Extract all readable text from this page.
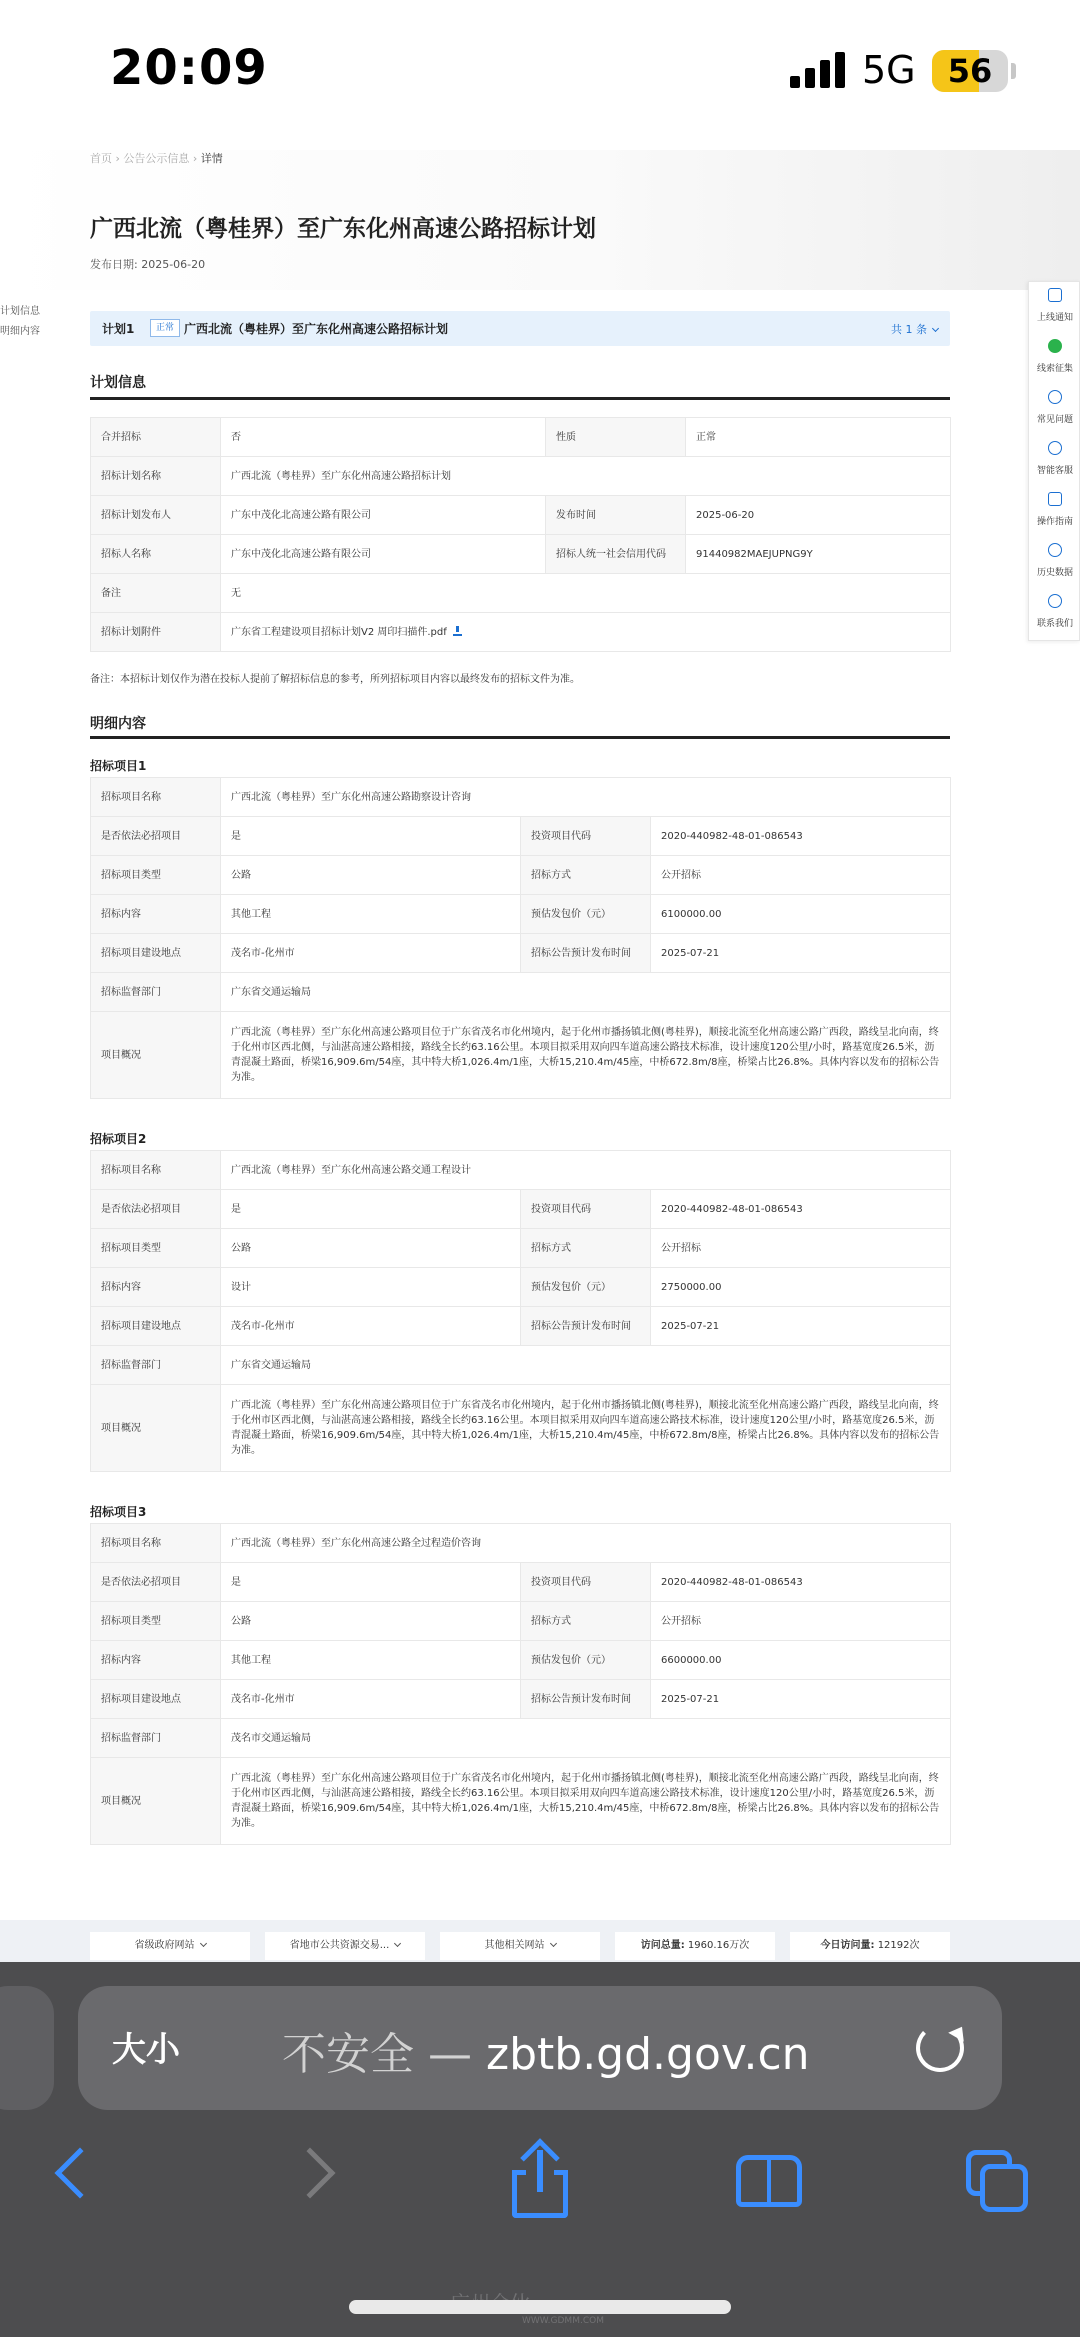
20:09	5G	56
首页 › 公告公示信息 › 详情
广西北流（粤桂界）至广东化州高速公路招标计划
发布日期: 2025-06-20
计划信息
明细内容	计划1	正常 广西北流（粤桂界）至广东化州高速公路招标计划	共 1 条
计划信息
合并招标	否	性质	正常
招标计划名称	广西北流（粤桂界）至广东化州高速公路招标计划		
招标计划发布人	广东中茂化北高速公路有限公司	发布时间	2025-06-20
招标人名称	广东中茂化北高速公路有限公司	招标人统一社会信用代码	91440982MAEJUPNG9Y
备注	无		
招标计划附件	广东省工程建设项目招标计划V2 周印扫描件.pdf		
备注：本招标计划仅作为潜在投标人提前了解招标信息的参考，所列招标项目内容以最终发布的招标文件为准。
明细内容
招标项目1
招标项目名称	广西北流（粤桂界）至广东化州高速公路勘察设计咨询		
是否依法必招项目	是	投资项目代码	2020-440982-48-01-086543
招标项目类型	公路	招标方式	公开招标
招标内容	其他工程	预估发包价（元）	6100000.00
招标项目建设地点	茂名市-化州市	招标公告预计发布时间	2025-07-21
招标监督部门	广东省交通运输局		
项目概况	广西北流（粤桂界）至广东化州高速公路项目位于广东省茂名市化州境内，起于化州市播扬镇北侧(粤桂界)，顺接北流至化州高速公路广西段，路线呈北向南，终于化州市区西北侧，与汕湛高速公路相接，路线全长约63.16公里。本项目拟采用双向四车道高速公路技术标准，设计速度120公里/小时，路基宽度26.5米，沥青混凝土路面，桥梁16,909.6m/54座，其中特大桥1,026.4m/1座，大桥15,210.4m/45座，中桥672.8m/8座，桥梁占比26.8%。具体内容以发布的招标公告为准。		
招标项目2
招标项目名称	广西北流（粤桂界）至广东化州高速公路交通工程设计		
是否依法必招项目	是	投资项目代码	2020-440982-48-01-086543
招标项目类型	公路	招标方式	公开招标
招标内容	设计	预估发包价（元）	2750000.00
招标项目建设地点	茂名市-化州市	招标公告预计发布时间	2025-07-21
招标监督部门	广东省交通运输局		
项目概况	广西北流（粤桂界）至广东化州高速公路项目位于广东省茂名市化州境内，起于化州市播扬镇北侧(粤桂界)，顺接北流至化州高速公路广西段，路线呈北向南，终于化州市区西北侧，与汕湛高速公路相接，路线全长约63.16公里。本项目拟采用双向四车道高速公路技术标准，设计速度120公里/小时，路基宽度26.5米，沥青混凝土路面，桥梁16,909.6m/54座，其中特大桥1,026.4m/1座，大桥15,210.4m/45座，中桥672.8m/8座，桥梁占比26.8%。具体内容以发布的招标公告为准。		
招标项目3
招标项目名称	广西北流（粤桂界）至广东化州高速公路全过程造价咨询		
是否依法必招项目	是	投资项目代码	2020-440982-48-01-086543
招标项目类型	公路	招标方式	公开招标
招标内容	其他工程	预估发包价（元）	6600000.00
招标项目建设地点	茂名市-化州市	招标公告预计发布时间	2025-07-21
招标监督部门	茂名市交通运输局		
项目概况	广西北流（粤桂界）至广东化州高速公路项目位于广东省茂名市化州境内，起于化州市播扬镇北侧(粤桂界)，顺接北流至化州高速公路广西段，路线呈北向南，终于化州市区西北侧，与汕湛高速公路相接，路线全长约63.16公里。本项目拟采用双向四车道高速公路技术标准，设计速度120公里/小时，路基宽度26.5米，沥青混凝土路面，桥梁16,909.6m/54座，其中特大桥1,026.4m/1座，大桥15,210.4m/45座，中桥672.8m/8座，桥梁占比26.8%。具体内容以发布的招标公告为准。		
上线通知
线索征集
常见问题
智能客服
操作指南
历史数据
联系我们
省级政府网站	省地市公共资源交易...	其他相关网站	访问总量: 1960.16万次	今日访问量: 12192次
大小 不安全 — zbtb.gd.gov.cn
WWW.GDMM.COM
